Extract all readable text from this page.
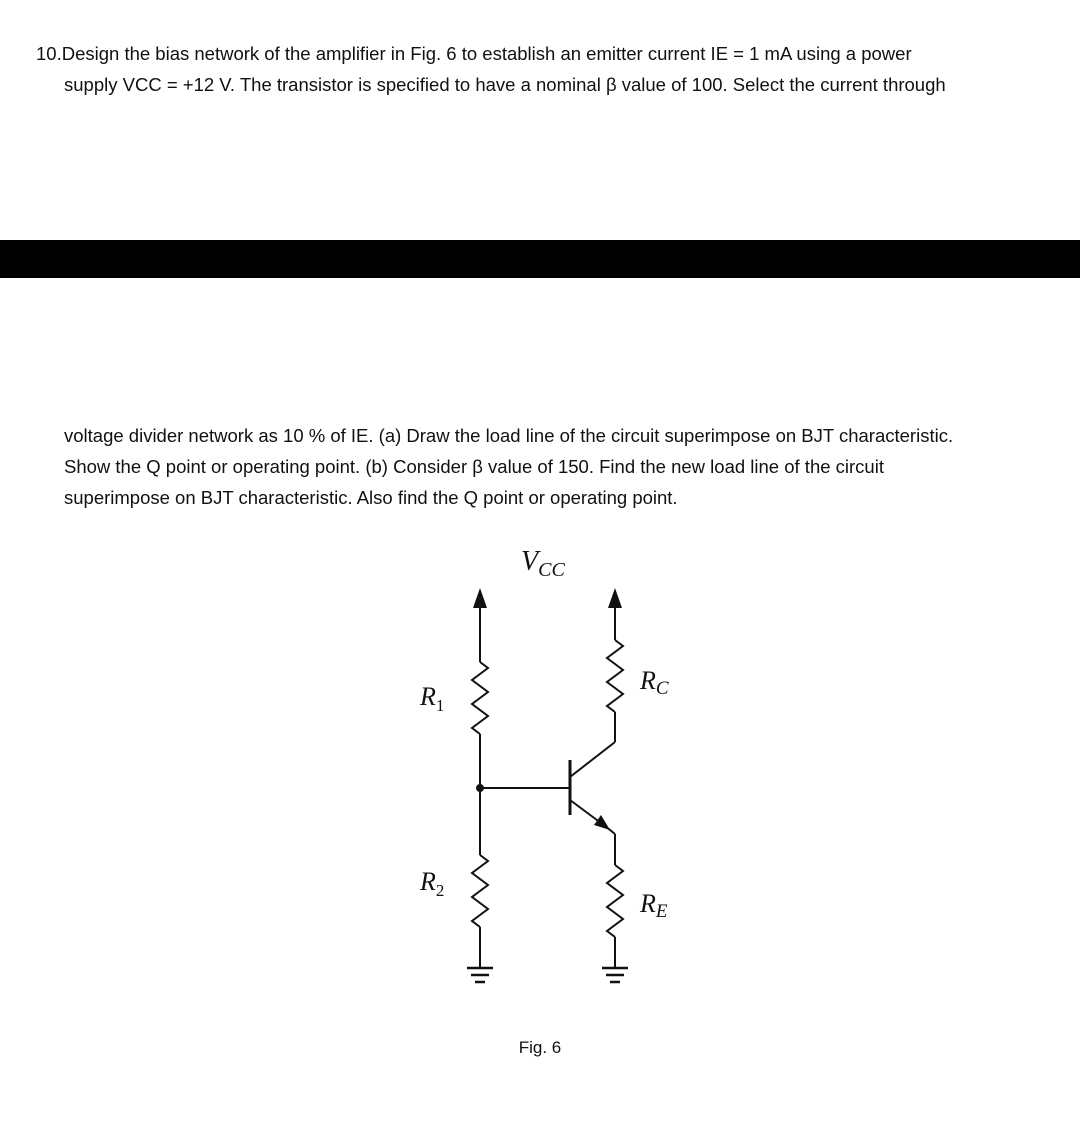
10.Design the bias network of the amplifier in Fig. 6 to establish an emitter current IE = 1 mA using a power
supply VCC = +12 V. The transistor is specified to have a nominal β value of 100. Select the current through
voltage divider network as 10 % of IE. (a) Draw the load line of the circuit superimpose on BJT characteristic.
Show the Q point or operating point. (b) Consider β value of 150. Find the new load line of the circuit
superimpose on BJT characteristic. Also find the Q point or operating point.
$V_{CC}$
$R_1$
$R_2$
RC
RE
Fig. 6
